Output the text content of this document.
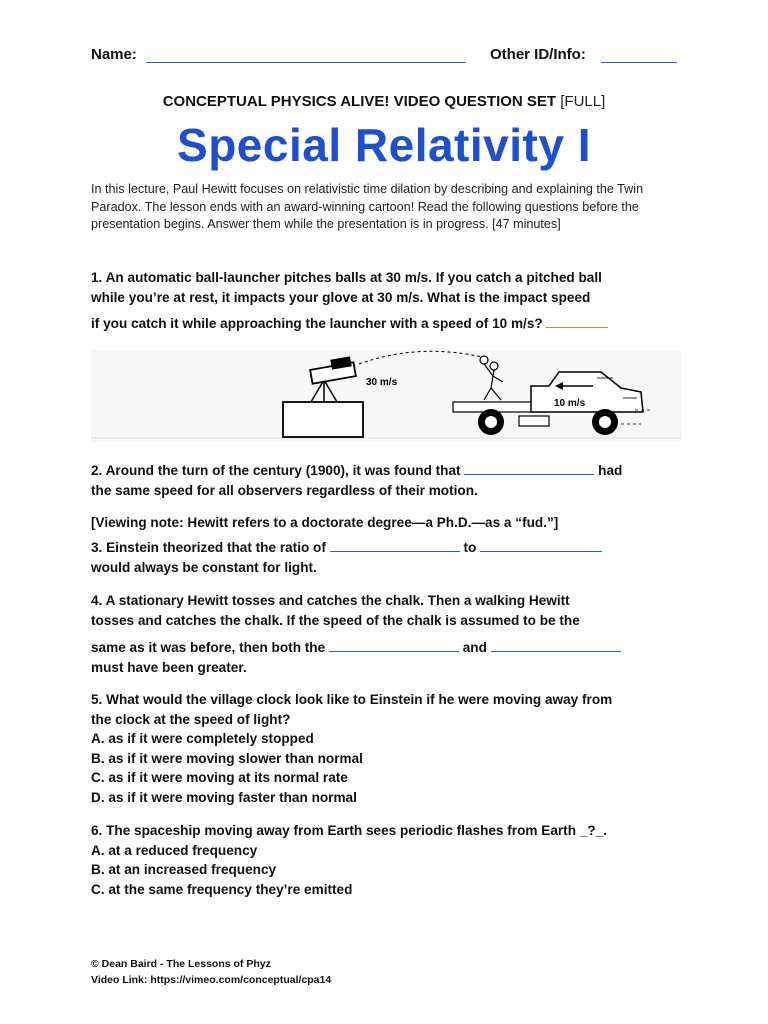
Name:	Other ID/Info:
CONCEPTUAL PHYSICS ALIVE! VIDEO QUESTION SET [FULL]
Special Relativity I
In this lecture, Paul Hewitt focuses on relativistic time dilation by describing and explaining the Twin Paradox. The lesson ends with an award-winning cartoon! Read the following questions before the presentation begins. Answer them while the presentation is in progress. [47 minutes]
1. An automatic ball-launcher pitches balls at 30 m/s. If you catch a pitched ball
while you’re at rest, it impacts your glove at 30 m/s. What is the impact speed
if you catch it while approaching the launcher with a speed of 10 m/s?
30 m/s
10 m/s
2. Around the turn of the century (1900), it was found that	had
the same speed for all observers regardless of their motion.
[Viewing note: Hewitt refers to a doctorate degree—a Ph.D.—as a “fud.”]
3. Einstein theorized that the ratio of	to
would always be constant for light.
4. A stationary Hewitt tosses and catches the chalk. Then a walking Hewitt
tosses and catches the chalk. If the speed of the chalk is assumed to be the
same as it was before, then both the	and
must have been greater.
5. What would the village clock look like to Einstein if he were moving away from
the clock at the speed of light?
A. as if it were completely stopped
B. as if it were moving slower than normal
C. as if it were moving at its normal rate
D. as if it were moving faster than normal
6. The spaceship moving away from Earth sees periodic flashes from Earth _?_.
A. at a reduced frequency
B. at an increased frequency
C. at the same frequency they’re emitted
© Dean Baird - The Lessons of Phyz
Video Link: https://vimeo.com/conceptual/cpa14
